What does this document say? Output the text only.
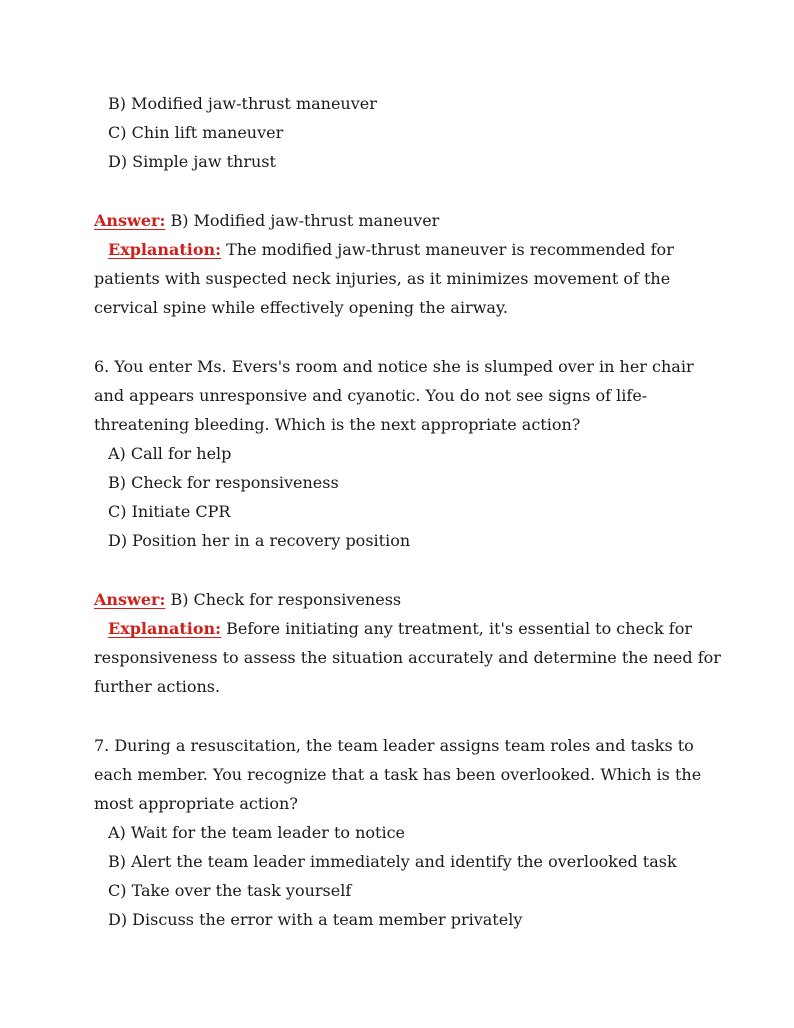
B) Modified jaw-thrust maneuver
C) Chin lift maneuver
D) Simple jaw thrust
Answer: B) Modified jaw-thrust maneuver
Explanation: The modified jaw-thrust maneuver is recommended for
patients with suspected neck injuries, as it minimizes movement of the
cervical spine while effectively opening the airway.
6. You enter Ms. Evers's room and notice she is slumped over in her chair
and appears unresponsive and cyanotic. You do not see signs of life-
threatening bleeding. Which is the next appropriate action?
A) Call for help
B) Check for responsiveness
C) Initiate CPR
D) Position her in a recovery position
Answer: B) Check for responsiveness
Explanation: Before initiating any treatment, it's essential to check for
responsiveness to assess the situation accurately and determine the need for
further actions.
7. During a resuscitation, the team leader assigns team roles and tasks to
each member. You recognize that a task has been overlooked. Which is the
most appropriate action?
A) Wait for the team leader to notice
B) Alert the team leader immediately and identify the overlooked task
C) Take over the task yourself
D) Discuss the error with a team member privately
